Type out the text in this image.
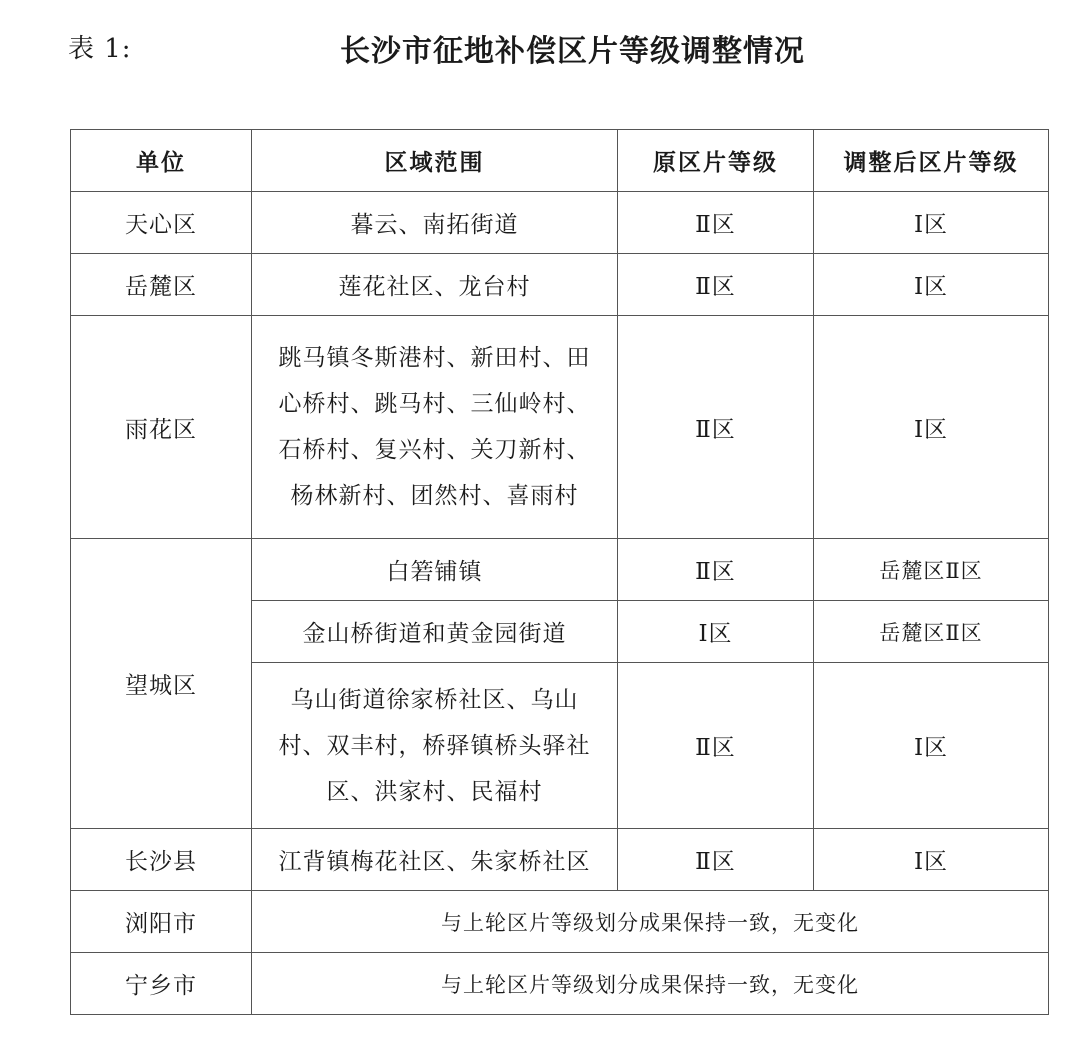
表 1:	长沙市征地补偿区片等级调整情况
单位	区域范围	原区片等级	调整后区片等级
天心区	暮云、南拓街道	Ⅱ区	Ⅰ区
岳麓区	莲花社区、龙台村	Ⅱ区	Ⅰ区
雨花区	跳马镇冬斯港村、新田村、田
心桥村、跳马村、三仙岭村、
石桥村、复兴村、关刀新村、
杨林新村、团然村、喜雨村	Ⅱ区	Ⅰ区
望城区	白箬铺镇	Ⅱ区	岳麓区Ⅱ区
	金山桥街道和黄金园街道	Ⅰ区	岳麓区Ⅱ区

	乌山街道徐家桥社区、乌山
村、双丰村，桥驿镇桥头驿社
区、洪家村、民福村	Ⅱ区	Ⅰ区
长沙县	江背镇梅花社区、朱家桥社区	Ⅱ区	Ⅰ区
浏阳市	与上轮区片等级划分成果保持一致，无变化		
宁乡市	与上轮区片等级划分成果保持一致，无变化		
